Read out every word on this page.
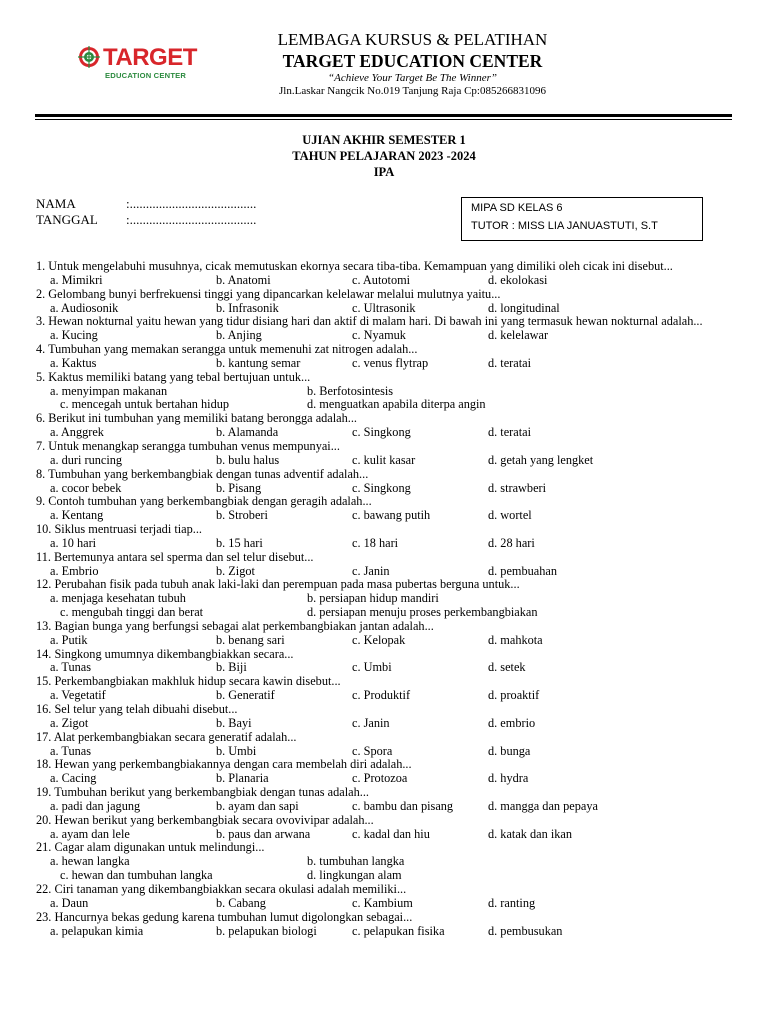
TARGET
EDUCATION CENTER
LEMBAGA KURSUS & PELATIHAN
TARGET EDUCATION CENTER
“Achieve Your Target Be The Winner”
Jln.Laskar Nangcik No.019 Tanjung Raja Cp:085266831096
UJIAN AKHIR SEMESTER 1
TAHUN PELAJARAN 2023 -2024
IPA
NAMA	:.......................................
TANGGAL :.......................................
MIPA SD KELAS 6
TUTOR : MISS LIA JANUASTUTI, S.T
1. Untuk mengelabuhi musuhnya, cicak memutuskan ekornya secara tiba-tiba. Kemampuan yang dimiliki oleh cicak ini disebut...
a. Mimikri	b. Anatomi	c. Autotomi	d. ekolokasi
2. Gelombang bunyi berfrekuensi tinggi yang dipancarkan kelelawar melalui mulutnya yaitu...
a. Audiosonik	b. Infrasonik	c. Ultrasonik	d. longitudinal
3. Hewan nokturnal yaitu hewan yang tidur disiang hari dan aktif di malam hari. Di bawah ini yang termasuk hewan nokturnal adalah...
a. Kucing	b. Anjing	c. Nyamuk	d. kelelawar
4. Tumbuhan yang memakan serangga untuk memenuhi zat nitrogen adalah...
a. Kaktus	b. kantung semar	c. venus flytrap	d. teratai
5. Kaktus memiliki batang yang tebal bertujuan untuk...
a. menyimpan makanan	b. Berfotosintesis
c. mencegah untuk bertahan hidup	d. menguatkan apabila diterpa angin
6. Berikut ini tumbuhan yang memiliki batang berongga adalah...
a. Anggrek	b. Alamanda	c. Singkong	d. teratai
7. Untuk menangkap serangga tumbuhan venus mempunyai...
a. duri runcing	b. bulu halus	c. kulit kasar	d. getah yang lengket
8. Tumbuhan yang berkembangbiak dengan tunas adventif adalah...
a. cocor bebek	b. Pisang	c. Singkong	d. strawberi
9. Contoh tumbuhan yang berkembangbiak dengan geragih adalah...
a. Kentang	b. Stroberi	c. bawang putih	d. wortel
10. Siklus mentruasi terjadi tiap...
a. 10 hari	b. 15 hari	c. 18 hari	d. 28 hari
11. Bertemunya antara sel sperma dan sel telur disebut...
a. Embrio	b. Zigot	c. Janin	d. pembuahan
12. Perubahan fisik pada tubuh anak laki-laki dan perempuan pada masa pubertas berguna untuk...
a. menjaga kesehatan tubuh	b. persiapan hidup mandiri
c. mengubah tinggi dan berat	d. persiapan menuju proses perkembangbiakan
13. Bagian bunga yang berfungsi sebagai alat perkembangbiakan jantan adalah...
a. Putik	b. benang sari	c. Kelopak	d. mahkota
14. Singkong umumnya dikembangbiakkan secara...
a. Tunas	b. Biji	c. Umbi	d. setek
15. Perkembangbiakan makhluk hidup secara kawin disebut...
a. Vegetatif	b. Generatif	c. Produktif	d. proaktif
16. Sel telur yang telah dibuahi disebut...
a. Zigot	b. Bayi	c. Janin	d. embrio
17. Alat perkembangbiakan secara generatif adalah...
a. Tunas	b. Umbi	c. Spora	d. bunga
18. Hewan yang perkembangbiakannya dengan cara membelah diri adalah...
a. Cacing	b. Planaria	c. Protozoa	d. hydra
19. Tumbuhan berikut yang berkembangbiak dengan tunas adalah...
a. padi dan jagung	b. ayam dan sapi	c. bambu dan pisang	d. mangga dan pepaya
20. Hewan berikut yang berkembangbiak secara ovovivipar adalah...
a. ayam dan lele	b. paus dan arwana	c. kadal dan hiu	d. katak dan ikan
21. Cagar alam digunakan untuk melindungi...
a. hewan langka	b. tumbuhan langka
c. hewan dan tumbuhan langka	d. lingkungan alam
22. Ciri tanaman yang dikembangbiakkan secara okulasi adalah memiliki...
a. Daun	b. Cabang	c. Kambium	d. ranting
23. Hancurnya bekas gedung karena tumbuhan lumut digolongkan sebagai...
a. pelapukan kimia	b. pelapukan biologi	c. pelapukan fisika	d. pembusukan
